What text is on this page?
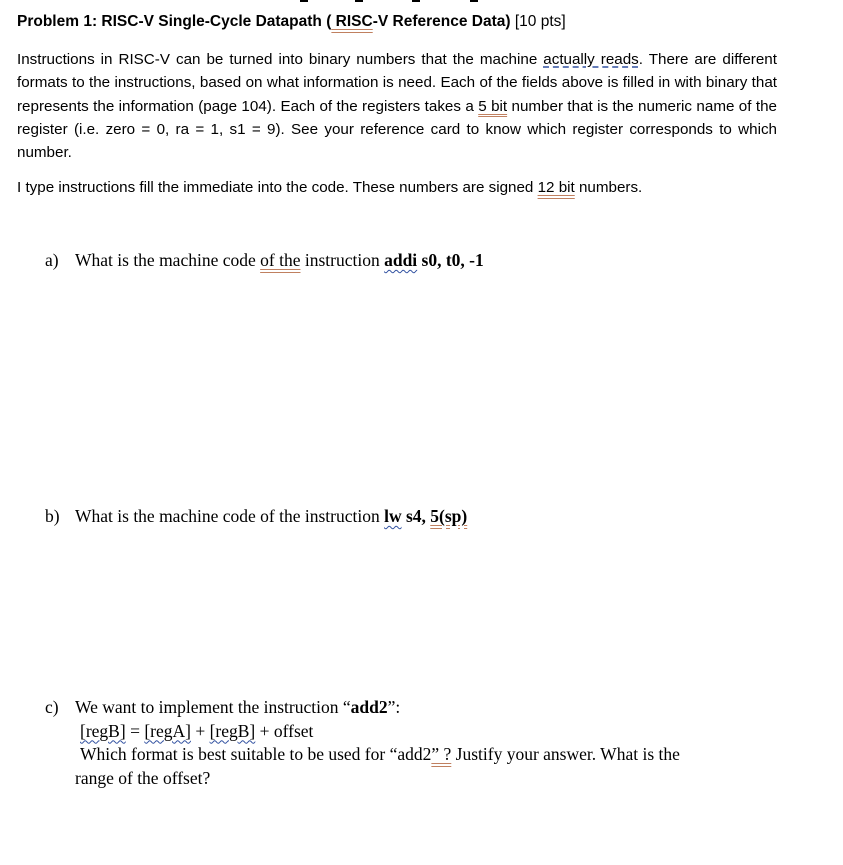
Problem 1: RISC-V Single-Cycle Datapath ( RISC-V Reference Data) [10 pts]
Instructions in RISC-V can be turned into binary numbers that the machine actually reads. There are different formats to the instructions, based on what information is need. Each of the fields above is filled in with binary that represents the information (page 104). Each of the registers takes a 5 bit number that is the numeric name of the register (i.e. zero = 0, ra = 1, s1 = 9). See your reference card to know which register corresponds to which number.
I type instructions fill the immediate into the code. These numbers are signed 12 bit numbers.
a) What is the machine code of the instruction addi s0, t0, -1
b) What is the machine code of the instruction lw s4, 5(sp)
c) We want to implement the instruction “add2”:
[regB] = [regA] + [regB] + offset
Which format is best suitable to be used for “add2” ? Justify your answer. What is the
range of the offset?
